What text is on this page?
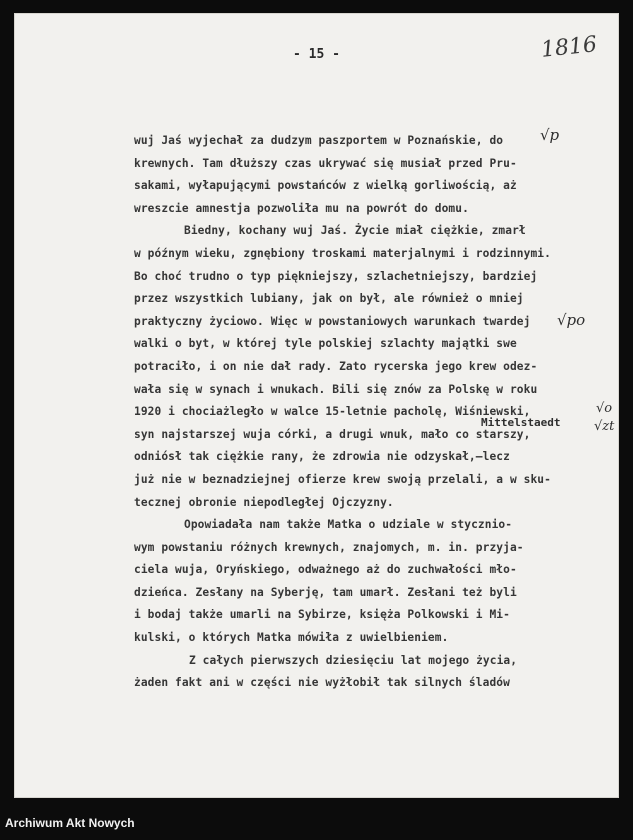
- 15 -	1816
wuj Jaś wyjechał za dudzym paszportem w Poznańskie, do
krewnych. Tam dłuższy czas ukrywać się musiał przed Pru-
sakami, wyłapującymi powstańców z wielką gorliwością, aż
wreszcie amnestja pozwoliła mu na powrót do domu.
Biedny, kochany wuj Jaś. Życie miał ciężkie, zmarł
w późnym wieku, zgnębiony troskami materjalnymi i rodzinnymi.
Bo choć trudno o typ piękniejszy, szlachetniejszy, bardziej
przez wszystkich lubiany, jak on był, ale również o mniej
praktyczny życiowo. Więc w powstaniowych warunkach twardej
walki o byt, w której tyle polskiej szlachty majątki swe
potraciło, i on nie dał rady. Zato rycerska jego krew odez-
wała się w synach i wnukach. Bili się znów za Polskę w roku
1920 i chociażległo w walce 15-letnie pacholę, Wiśniewski,
syn najstarszej wuja córki, a drugi wnuk, mało co starszy,
odniósł tak ciężkie rany, że zdrowia nie odzyskał,—lecz
już nie w beznadziejnej ofierze krew swoją przelali, a w sku-
tecznej obronie niepodległej Ojczyzny.
Opowiadała nam także Matka o udziale w stycznio-
wym powstaniu różnych krewnych, znajomych, m. in. przyja-
ciela wuja, Oryńskiego, odważnego aż do zuchwałości mło-
dzieńca. Zesłany na Syberję, tam umarł. Zesłani też byli
i bodaj także umarli na Sybirze, księża Polkowski i Mi-
kulski, o których Matka mówiła z uwielbieniem.
Z całych pierwszych dziesięciu lat mojego życia,
żaden fakt ani w części nie wyżłobił tak silnych śladów
√p
√po
Mittelstaedt
√o
√zt
Archiwum Akt Nowych
